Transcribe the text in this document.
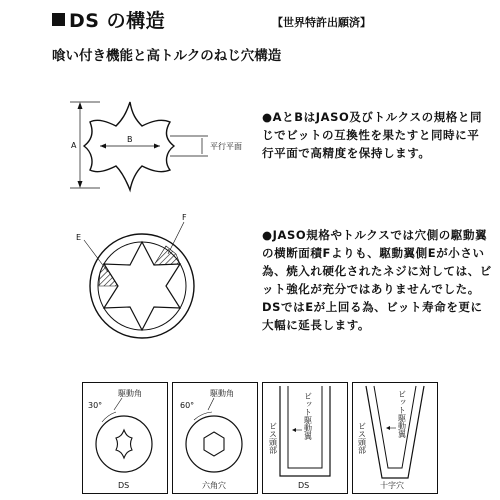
DS の構造	【世界特許出願済】
喰い付き機能と高トルクのねじ穴構造
A
B
平行平面
●AとBはJASO及びトルクスの規格と同じでビットの互換性を果たすと同時に平行平面で高精度を保持します。
E
F
●JASO規格やトルクスでは穴側の駆動翼の横断面積Fよりも、駆動翼側Eが小さい為、焼入れ硬化されたネジに対しては、ビット強化が充分ではありませんでした。DSではEが上回る為、ビット寿命を更に大幅に延長します。
駆動角
30°
DS
駆動角
60°
六角穴
ビット駆動翼
ビス頭部
DS
ビット駆動翼
ビス頭部
十字穴
